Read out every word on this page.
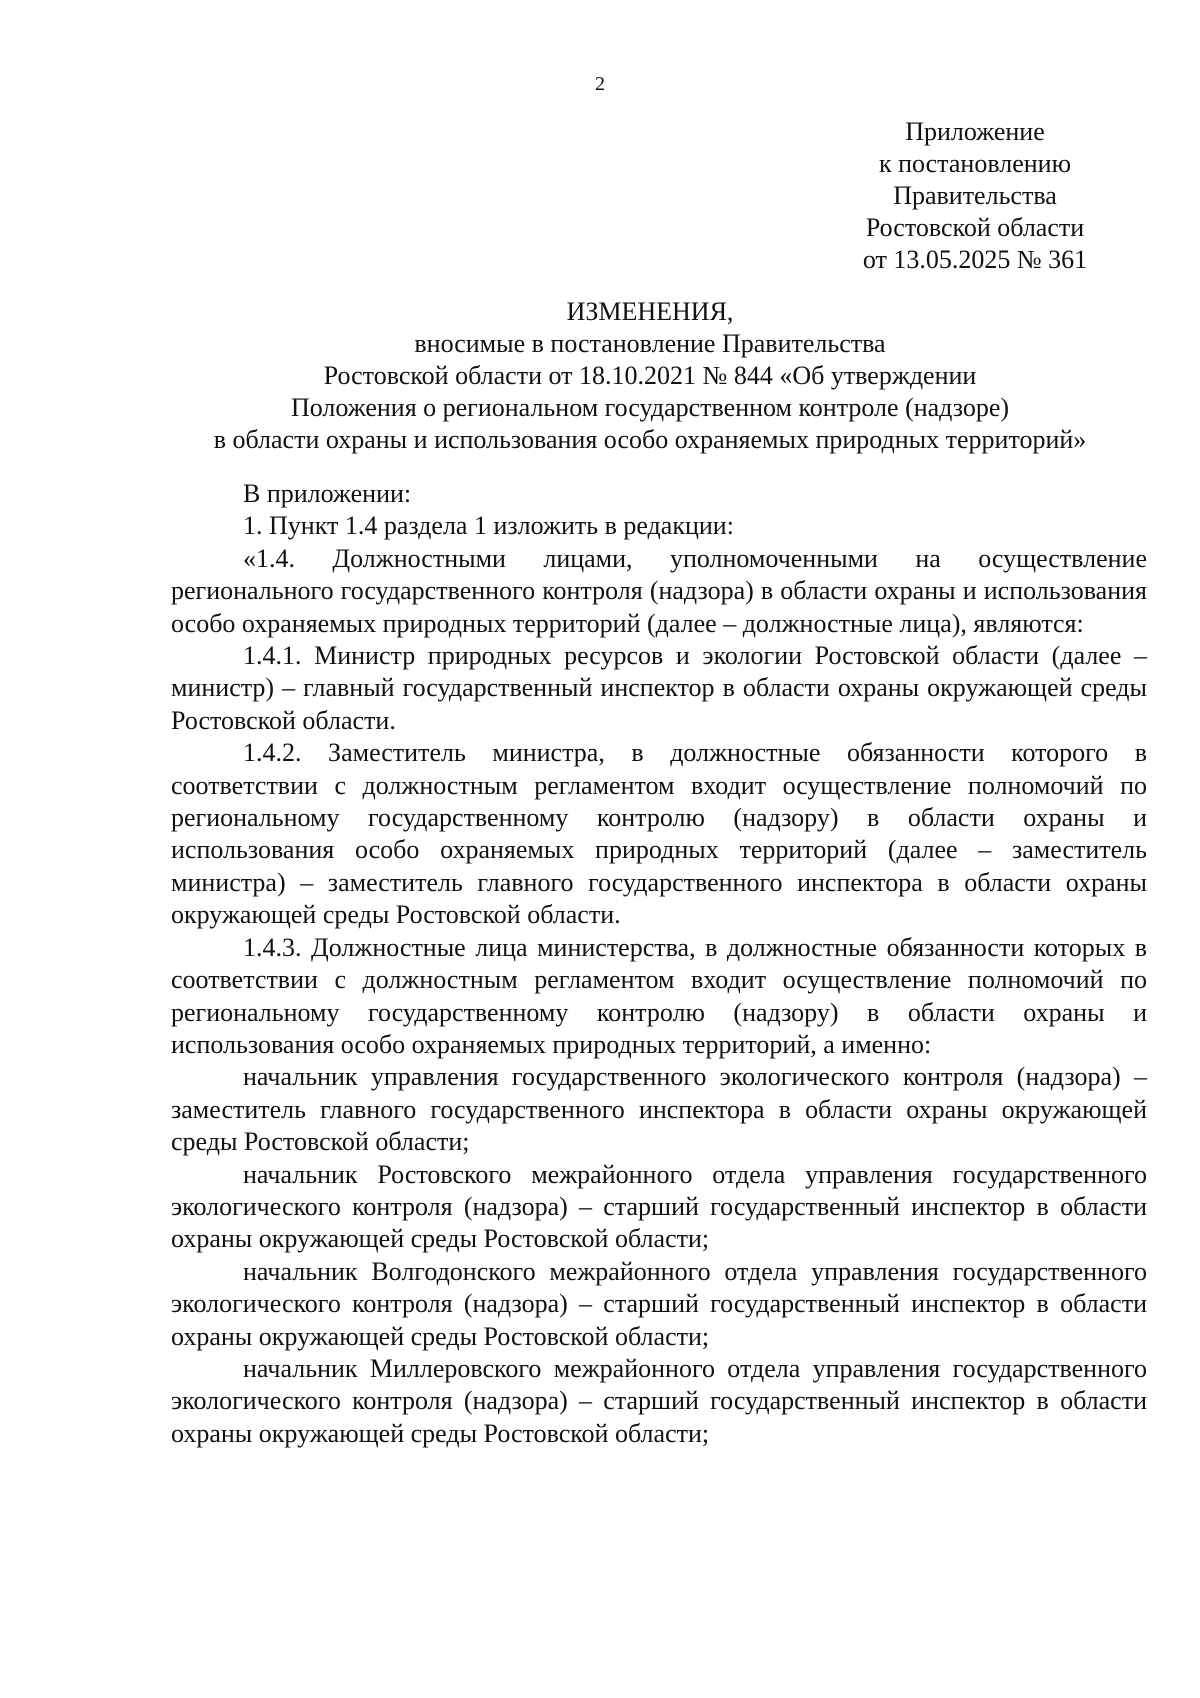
2
Приложение
к постановлению
Правительства
Ростовской области
от 13.05.2025 № 361
ИЗМЕНЕНИЯ,
вносимые в постановление Правительства
Ростовской области от 18.10.2021 № 844 «Об утверждении
Положения о региональном государственном контроле (надзоре)
в области охраны и использования особо охраняемых природных территорий»

В приложении:

1. Пункт 1.4 раздела 1 изложить в редакции:

«1.4. Должностными лицами, уполномоченными на осуществление регионального государственного контроля (надзора) в области охраны и использования особо охраняемых природных территорий (далее – должностные лица), являются:

1.4.1. Министр природных ресурсов и экологии Ростовской области (далее – министр) – главный государственный инспектор в области охраны окружающей среды Ростовской области.

1.4.2. Заместитель министра, в должностные обязанности которого в соответствии с должностным регламентом входит осуществление полномочий по региональному государственному контролю (надзору) в области охраны и использования особо охраняемых природных территорий (далее – заместитель министра) – заместитель главного государственного инспектора в области охраны окружающей среды Ростовской области.

1.4.3. Должностные лица министерства, в должностные обязанности которых в соответствии с должностным регламентом входит осуществление полномочий по региональному государственному контролю (надзору) в области охраны и использования особо охраняемых природных территорий, а именно:

начальник управления государственного экологического контроля (надзора) – заместитель главного государственного инспектора в области охраны окружающей среды Ростовской области;

начальник Ростовского межрайонного отдела управления государственного экологического контроля (надзора) – старший государственный инспектор в области охраны окружающей среды Ростовской области;

начальник Волгодонского межрайонного отдела управления государственного экологического контроля (надзора) – старший государственный инспектор в области охраны окружающей среды Ростовской области;

начальник Миллеровского межрайонного отдела управления государственного экологического контроля (надзора) – старший государственный инспектор в области охраны окружающей среды Ростовской области;
